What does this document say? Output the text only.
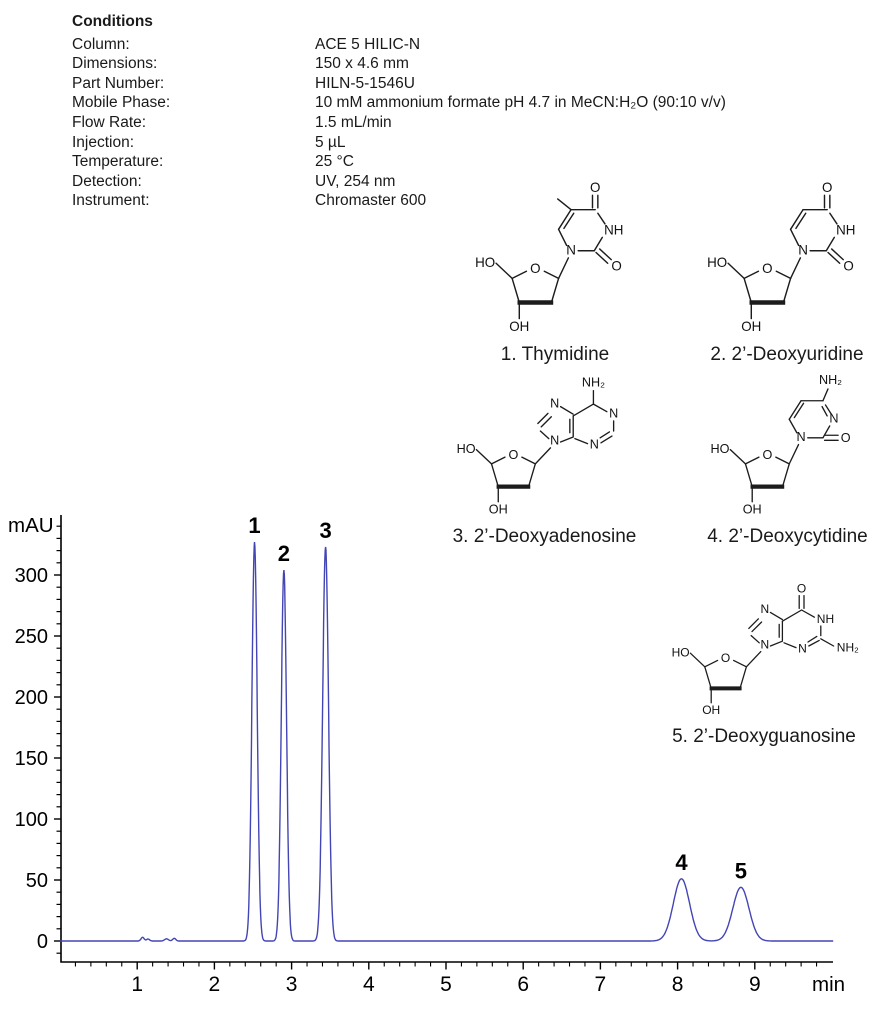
Conditions
Column:	ACE 5 HILIC-N
Dimensions:	150 x 4.6 mm
Part Number:	HILN-5-1546U
Mobile Phase:	10 mM ammonium formate pH 4.7 in MeCN:H₂O (90:10 v/v)
Flow Rate:	1.5 mL/min
Injection:	5 µL
Temperature:	25 °C
Detection:	UV, 254 nm
Instrument:	Chromaster 600
N
O
NH
O
1. Thymidine
N
O
NH
O
2. 2’-Deoxyuridine
N
N
N
N
NH₂
3. 2’-Deoxyadenosine
N O
N
NH₂
4. 2’-Deoxycytidine
N
N
O
NH
NH₂
N
5. 2’-Deoxyguanosine
0
50
100
150
200
250
300
1	2	3	4	5	6	7	8	9
mAU
min
1
2
3
4 5
